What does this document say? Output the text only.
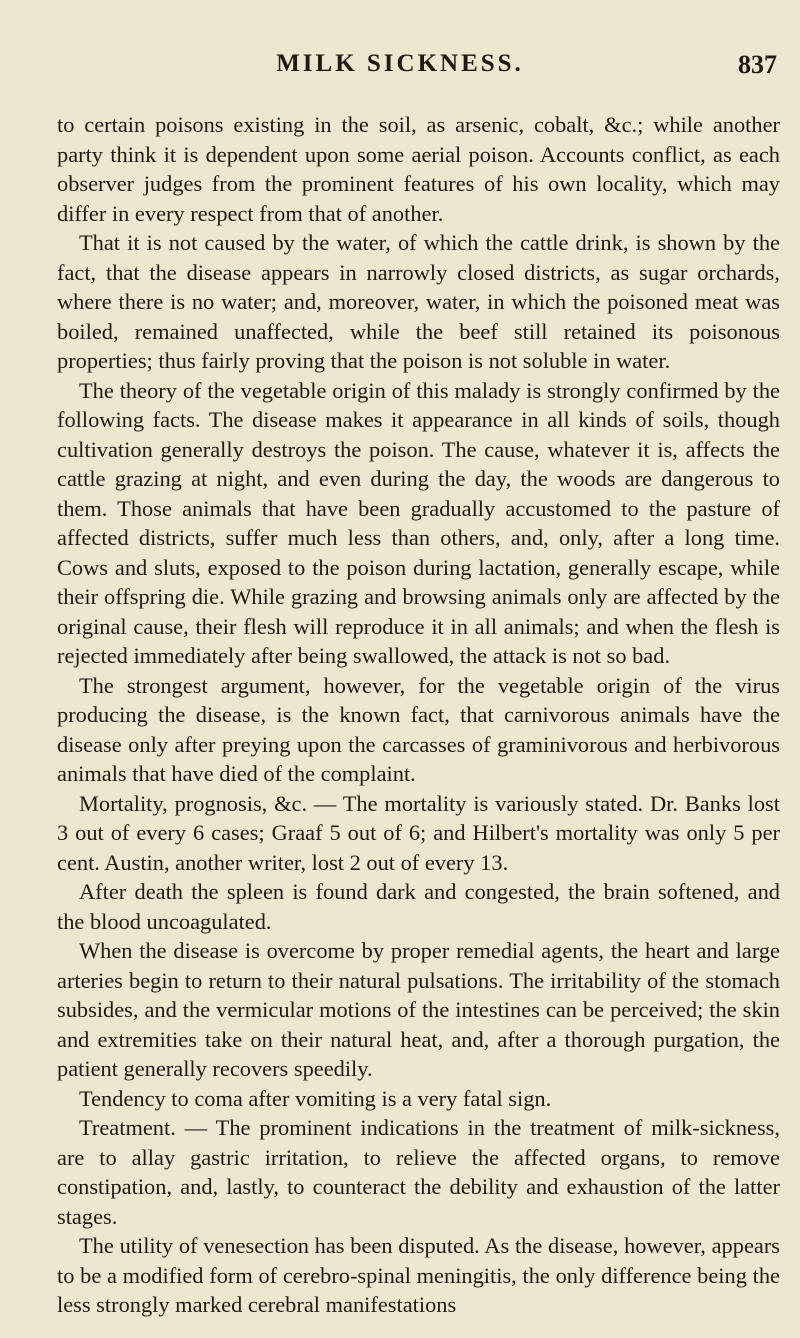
MILK SICKNESS.	837

to certain poisons existing in the soil, as arsenic, cobalt, &c.; while another party think it is dependent upon some aerial poison. Accounts conflict, as each observer judges from the prominent features of his own locality, which may differ in every respect from that of another.

That it is not caused by the water, of which the cattle drink, is shown by the fact, that the disease appears in narrowly closed districts, as sugar orchards, where there is no water; and, moreover, water, in which the poisoned meat was boiled, remained unaffected, while the beef still retained its poisonous properties; thus fairly proving that the poison is not soluble in water.

The theory of the vegetable origin of this malady is strongly confirmed by the following facts. The disease makes it appearance in all kinds of soils, though cultivation generally destroys the poison. The cause, whatever it is, affects the cattle grazing at night, and even during the day, the woods are dangerous to them. Those animals that have been gradually accustomed to the pasture of affected districts, suffer much less than others, and, only, after a long time. Cows and sluts, exposed to the poison during lactation, generally escape, while their offspring die. While grazing and browsing animals only are affected by the original cause, their flesh will reproduce it in all animals; and when the flesh is rejected immediately after being swallowed, the attack is not so bad.

The strongest argument, however, for the vegetable origin of the virus producing the disease, is the known fact, that carnivorous animals have the disease only after preying upon the carcasses of graminivorous and herbivorous animals that have died of the complaint.

Mortality, prognosis, &c. — The mortality is variously stated. Dr. Banks lost 3 out of every 6 cases; Graaf 5 out of 6; and Hilbert's mortality was only 5 per cent. Austin, another writer, lost 2 out of every 13.

After death the spleen is found dark and congested, the brain softened, and the blood uncoagulated.

When the disease is overcome by proper remedial agents, the heart and large arteries begin to return to their natural pulsations. The irritability of the stomach subsides, and the vermicular motions of the intestines can be perceived; the skin and extremities take on their natural heat, and, after a thorough purgation, the patient generally recovers speedily.

Tendency to coma after vomiting is a very fatal sign.

Treatment. — The prominent indications in the treatment of milk-sickness, are to allay gastric irritation, to relieve the affected organs, to remove constipation, and, lastly, to counteract the debility and exhaustion of the latter stages.

The utility of venesection has been disputed. As the disease, however, appears to be a modified form of cerebro-spinal meningitis, the only difference being the less strongly marked cerebral manifestations
